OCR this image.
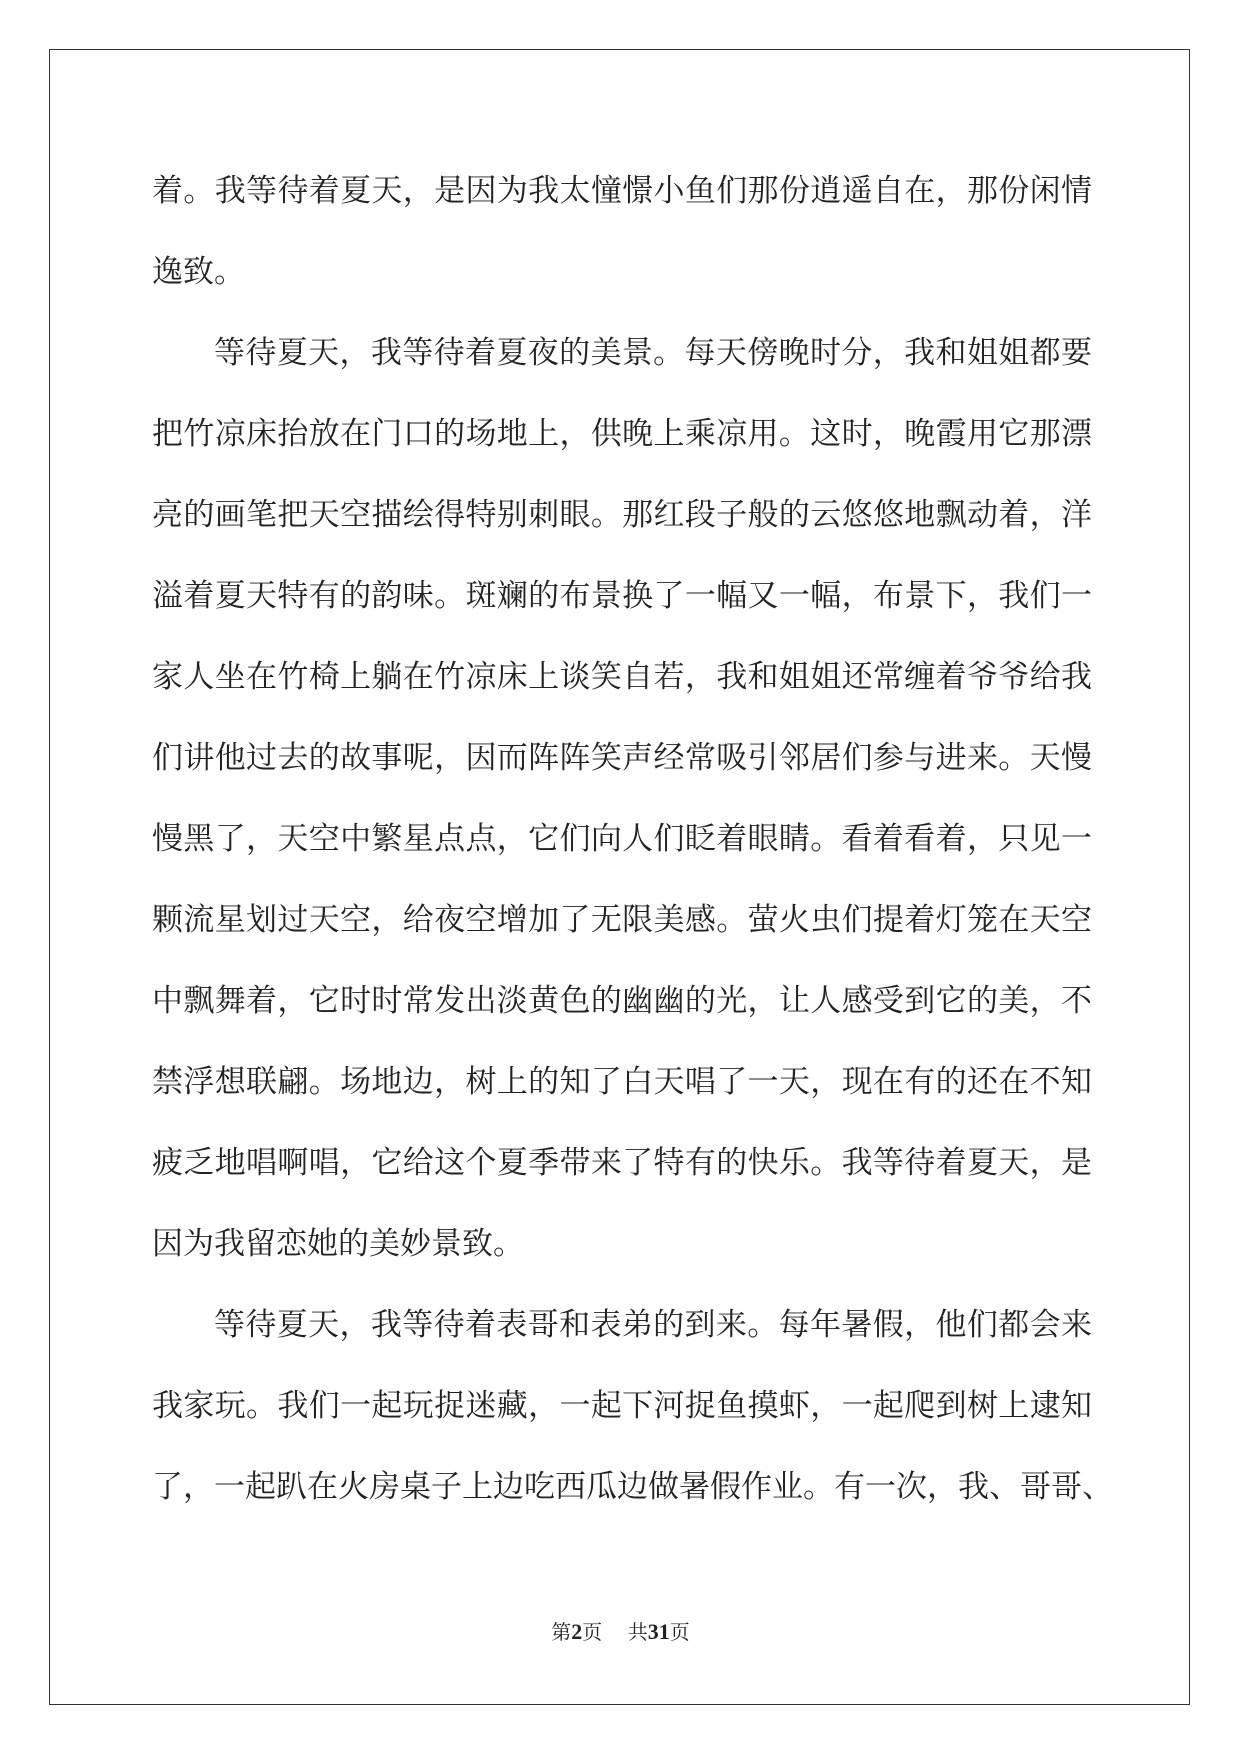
着。我等待着夏天，是因为我太憧憬小鱼们那份逍遥自在，那份闲情
逸致。
等待夏天，我等待着夏夜的美景。每天傍晚时分，我和姐姐都要
把竹凉床抬放在门口的场地上，供晚上乘凉用。这时，晚霞用它那漂
亮的画笔把天空描绘得特别刺眼。那红段子般的云悠悠地飘动着，洋
溢着夏天特有的韵味。斑斓的布景换了一幅又一幅，布景下，我们一
家人坐在竹椅上躺在竹凉床上谈笑自若，我和姐姐还常缠着爷爷给我
们讲他过去的故事呢，因而阵阵笑声经常吸引邻居们参与进来。天慢
慢黑了，天空中繁星点点，它们向人们眨着眼睛。看着看着，只见一
颗流星划过天空，给夜空增加了无限美感。萤火虫们提着灯笼在天空
中飘舞着，它时时常发出淡黄色的幽幽的光，让人感受到它的美，不
禁浮想联翩。场地边，树上的知了白天唱了一天，现在有的还在不知
疲乏地唱啊唱，它给这个夏季带来了特有的快乐。我等待着夏天，是
因为我留恋她的美妙景致。
等待夏天，我等待着表哥和表弟的到来。每年暑假，他们都会来
我家玩。我们一起玩捉迷藏，一起下河捉鱼摸虾，一起爬到树上逮知
了，一起趴在火房桌子上边吃西瓜边做暑假作业。有一次，我、哥哥、
第2页 共31页
